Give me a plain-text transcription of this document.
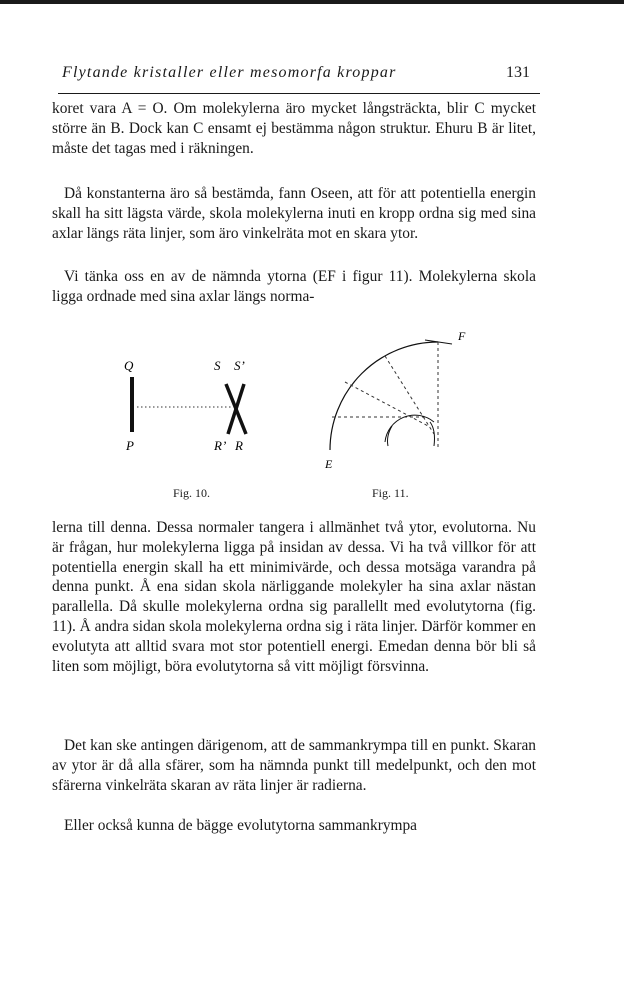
Flytande kristaller eller mesomorfa kroppar	131

koret vara A = O. Om molekylerna äro mycket långsträckta, blir C mycket större än B. Dock kan C ensamt ej bestämma någon struktur. Ehuru B är litet, måste det tagas med i räkningen.

Då konstanterna äro så bestämda, fann Oseen, att för att potentiella energin skall ha sitt lägsta värde, skola molekylerna inuti en kropp ordna sig med sina axlar längs räta linjer, som äro vinkelräta mot en skara ytor.

Vi tänka oss en av de nämnda ytorna (EF i figur 11). Molekylerna skola ligga ordnade med sina axlar längs norma-

Q
P
S S’
R’ R
F
E
Fig. 10.	Fig. 11.

lerna till denna. Dessa normaler tangera i allmänhet två ytor, evolutorna. Nu är frågan, hur molekylerna ligga på insidan av dessa. Vi ha två villkor för att potentiella energin skall ha ett minimivärde, och dessa motsäga varandra på denna punkt. Å ena sidan skola närliggande molekyler ha sina axlar nästan parallella. Då skulle molekylerna ordna sig parallellt med evolutytorna (fig. 11). Å andra sidan skola molekylerna ordna sig i räta linjer. Därför kommer en evolutyta att alltid svara mot stor potentiell energi. Emedan denna bör bli så liten som möjligt, böra evolutytorna så vitt möjligt försvinna.

Det kan ske antingen därigenom, att de sammankrympa till en punkt. Skaran av ytor är då alla sfärer, som ha nämnda punkt till medelpunkt, och den mot sfärerna vinkelräta skaran av räta linjer är radierna.

Eller också kunna de bägge evolutytorna sammankrympa
